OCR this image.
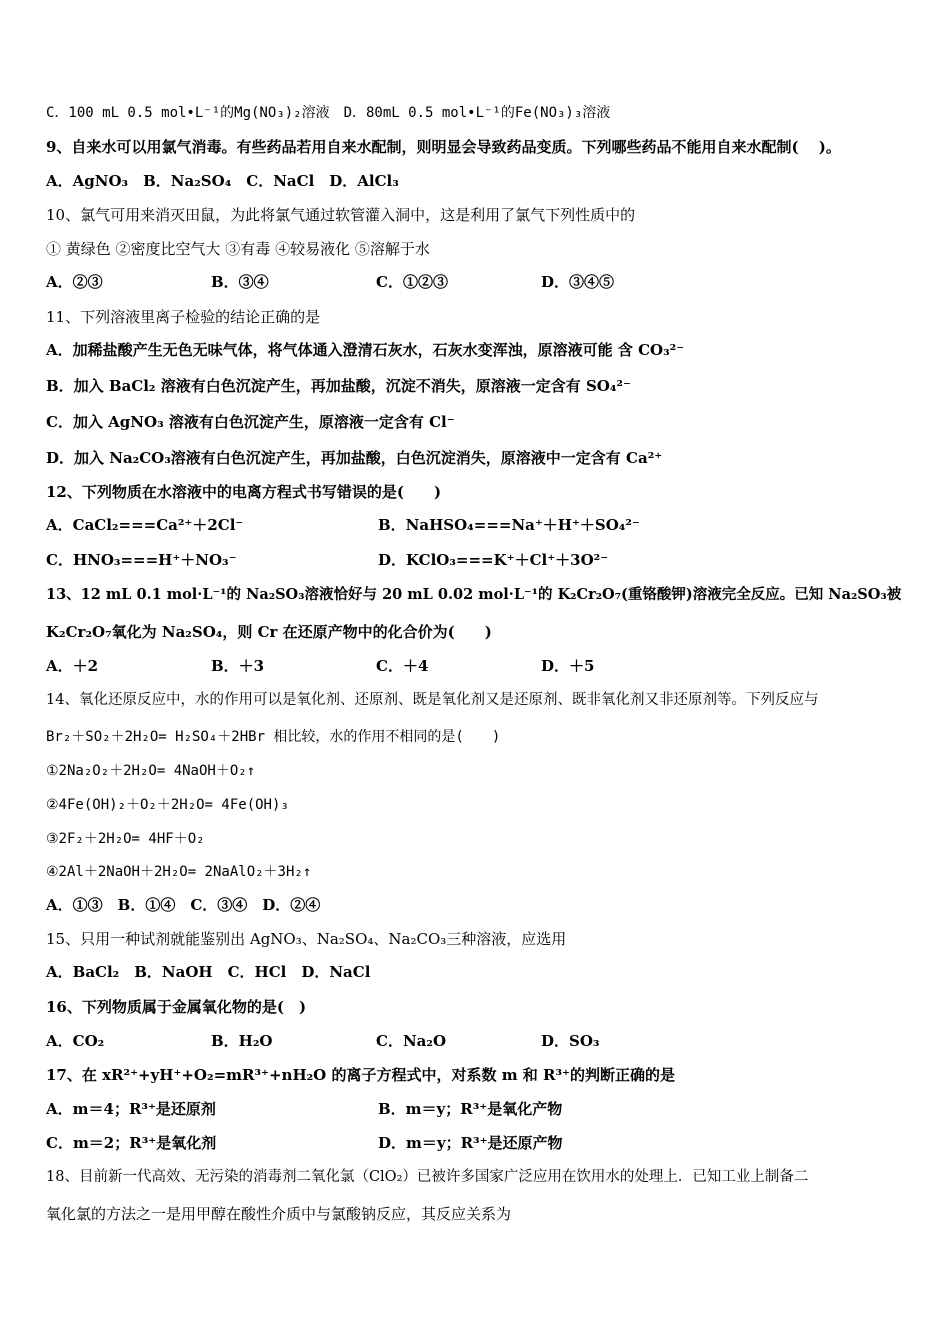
C．100 mL 0.5 mol•L⁻¹的Mg(NO₃)₂溶液　D．80mL 0.5 mol•L⁻¹的Fe(NO₃)₃溶液
9、自来水可以用氯气消毒。有些药品若用自来水配制，则明显会导致药品变质。下列哪些药品不能用自来水配制(　 )。
A．AgNO₃　B．Na₂SO₄　C．NaCl　D．AlCl₃
10、氯气可用来消灭田鼠，为此将氯气通过软管灌入洞中，这是利用了氯气下列性质中的
① 黄绿色 ②密度比空气大 ③有毒 ④较易液化 ⑤溶解于水
A．②③	B．③④	C．①②③	D．③④⑤
11、下列溶液里离子检验的结论正确的是
A．加稀盐酸产生无色无味气体，将气体通入澄清石灰水，石灰水变浑浊，原溶液可能 含 CO₃²⁻
B．加入 BaCl₂ 溶液有白色沉淀产生，再加盐酸，沉淀不消失，原溶液一定含有 SO₄²⁻
C．加入 AgNO₃ 溶液有白色沉淀产生，原溶液一定含有 Cl⁻
D．加入 Na₂CO₃溶液有白色沉淀产生，再加盐酸，白色沉淀消失，原溶液中一定含有 Ca²⁺
12、下列物质在水溶液中的电离方程式书写错误的是(　　)
A．CaCl₂===Ca²⁺＋2Cl⁻	B．NaHSO₄===Na⁺＋H⁺＋SO₄²⁻
C．HNO₃===H⁺＋NO₃⁻	D．KClO₃===K⁺＋Cl⁺＋3O²⁻
13、12 mL 0.1 mol·L⁻¹的 Na₂SO₃溶液恰好与 20 mL 0.02 mol·L⁻¹的 K₂Cr₂O₇(重铬酸钾)溶液完全反应。已知 Na₂SO₃被
K₂Cr₂O₇氧化为 Na₂SO₄，则 Cr 在还原产物中的化合价为(　　)
A．＋2	B．＋3	C．＋4	D．＋5
14、氧化还原反应中，水的作用可以是氧化剂、还原剂、既是氧化剂又是还原剂、既非氧化剂又非还原剂等。下列反应与
Br₂＋SO₂＋2H₂O= H₂SO₄＋2HBr 相比较，水的作用不相同的是(　　)
①2Na₂O₂＋2H₂O= 4NaOH＋O₂↑
②4Fe(OH)₂＋O₂＋2H₂O= 4Fe(OH)₃
③2F₂＋2H₂O= 4HF＋O₂
④2Al＋2NaOH＋2H₂O= 2NaAlO₂＋3H₂↑
A．①③　B．①④　C．③④　D．②④
15、只用一种试剂就能鉴别出 AgNO₃、Na₂SO₄、Na₂CO₃三种溶液，应选用
A．BaCl₂　B．NaOH　C．HCl　D．NaCl
16、下列物质属于金属氧化物的是(　)
A．CO₂	B．H₂O	C．Na₂O	D．SO₃
17、在 xR²⁺+yH⁺+O₂=mR³⁺+nH₂O 的离子方程式中，对系数 m 和 R³⁺的判断正确的是
A．m＝4；R³⁺是还原剂	B．m＝y；R³⁺是氧化产物
C．m＝2；R³⁺是氧化剂	D．m＝y；R³⁺是还原产物
18、目前新一代高效、无污染的消毒剂二氧化氯（ClO₂）已被许多国家广泛应用在饮用水的处理上．已知工业上制备二
氧化氯的方法之一是用甲醇在酸性介质中与氯酸钠反应，其反应关系为
